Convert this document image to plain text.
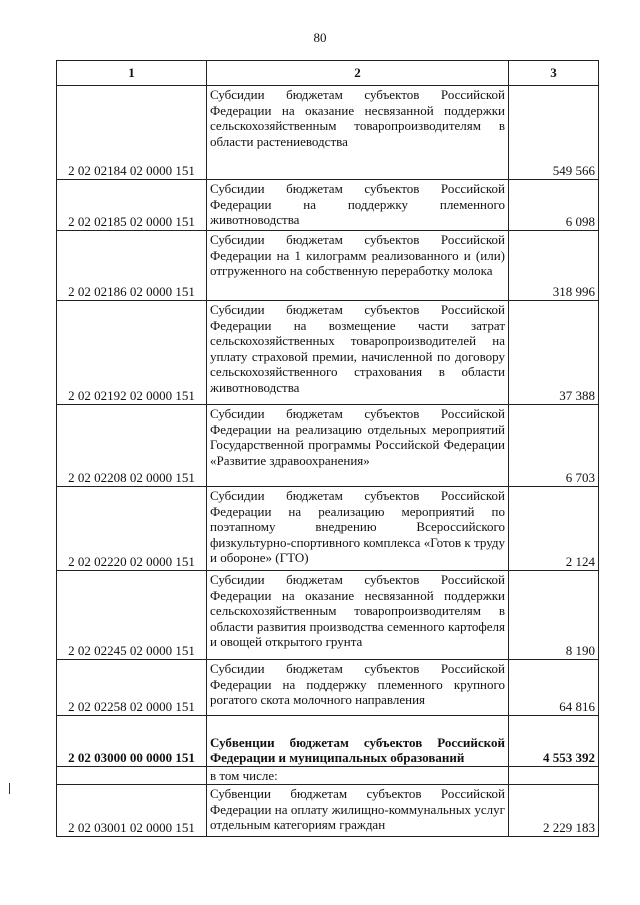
80
1	2	3
2 02 02184 02 0000 151	Субсидии бюджетам субъектов Российской Федерации на оказание несвязанной поддержки сельскохозяйственным товаропроизводителям в области растениеводства	549 566
2 02 02185 02 0000 151	Субсидии бюджетам субъектов Российской Федерации на поддержку племенного животноводства	6 098
2 02 02186 02 0000 151	Субсидии бюджетам субъектов Российской Федерации на 1 килограмм реализованного и (или) отгруженного на собственную переработку молока	318 996
2 02 02192 02 0000 151	Субсидии бюджетам субъектов Российской Федерации на возмещение части затрат сельскохозяйственных товаропроизводителей на уплату страховой премии, начисленной по договору сельскохозяйственного страхования в области животноводства	37 388
2 02 02208 02 0000 151	Субсидии бюджетам субъектов Российской Федерации на реализацию отдельных мероприятий Государственной программы Российской Федерации «Развитие здравоохранения»	6 703
2 02 02220 02 0000 151	Субсидии бюджетам субъектов Российской Федерации на реализацию мероприятий по поэтапному внедрению Всероссийского физкультурно-спортивного комплекса «Готов к труду и обороне» (ГТО)	2 124
2 02 02245 02 0000 151	Субсидии бюджетам субъектов Российской Федерации на оказание несвязанной поддержки сельскохозяйственным товаропроизводителям в области развития производства семенного картофеля и овощей открытого грунта	8 190
2 02 02258 02 0000 151	Субсидии бюджетам субъектов Российской Федерации на поддержку племенного крупного рогатого скота молочного направления	64 816
2 02 03000 00 0000 151	Субвенции бюджетам субъектов Российской Федерации и муниципальных образований	4 553 392
	в том числе:	
2 02 03001 02 0000 151	Субвенции бюджетам субъектов Российской Федерации на оплату жилищно-коммунальных услуг отдельным категориям граждан	2 229 183
